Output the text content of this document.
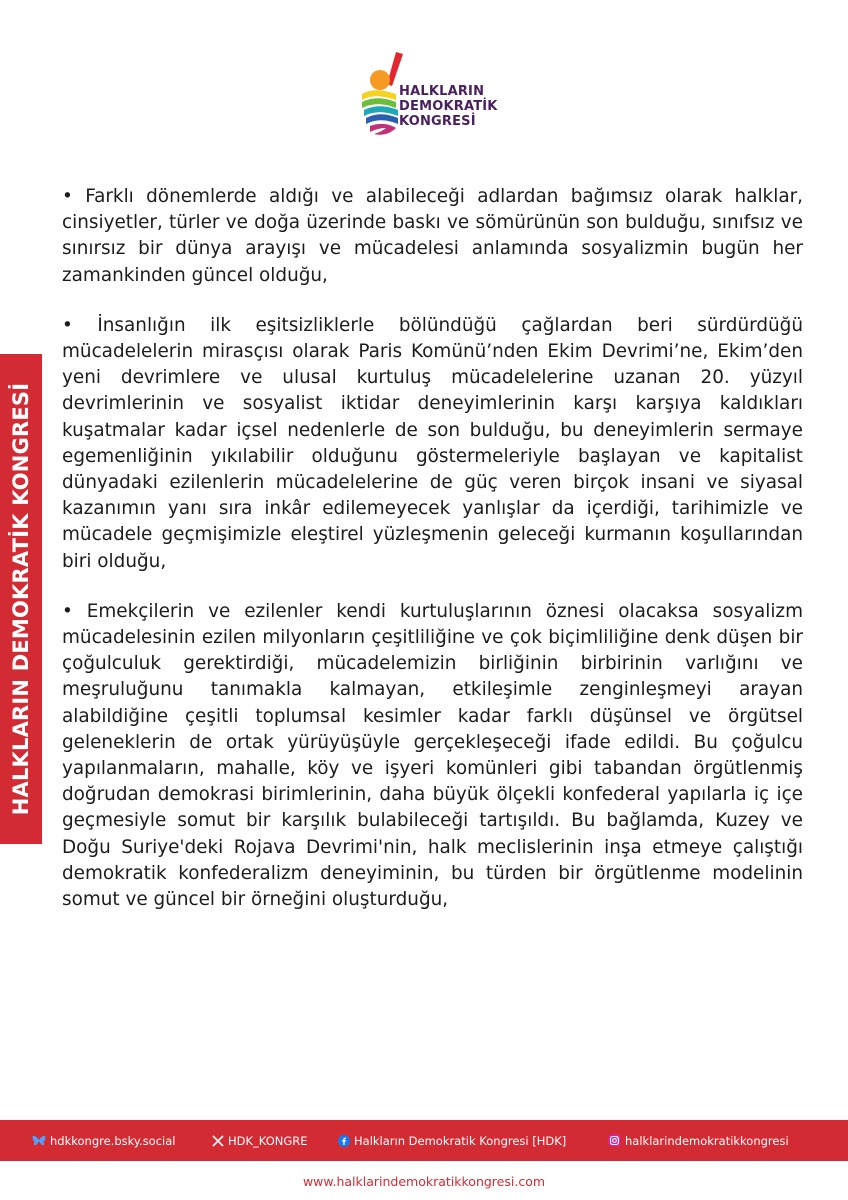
HALKLARIN
DEMOKRATİK
KONGRESİ
HALKLARIN DEMOKRATİK KONGRESİ

• Farklı dönemlerde aldığı ve alabileceği adlardan bağımsız olarak halklar, cinsiyetler, türler ve doğa üzerinde baskı ve sömürünün son bulduğu, sınıfsız ve sınırsız bir dünya arayışı ve mücadelesi anlamında sosyalizmin bugün her zamankinden güncel olduğu,

• İnsanlığın ilk eşitsizliklerle bölündüğü çağlardan beri sürdürdüğü mücadelelerin mirasçısı olarak Paris Komünü’nden Ekim Devrimi’ne, Ekim’den yeni devrimlere ve ulusal kurtuluş mücadelelerine uzanan 20. yüzyıl devrimlerinin ve sosyalist iktidar deneyimlerinin karşı karşıya kaldıkları kuşatmalar kadar içsel nedenlerle de son bulduğu, bu deneyimlerin sermaye egemenliğinin yıkılabilir olduğunu göstermeleriyle başlayan ve kapitalist dünyadaki ezilenlerin mücadelelerine de güç veren birçok insani ve siyasal kazanımın yanı sıra inkâr edilemeyecek yanlışlar da içerdiği, tarihimizle ve mücadele geçmişimizle eleştirel yüzleşmenin geleceği kurmanın koşullarından biri olduğu,

• Emekçilerin ve ezilenler kendi kurtuluşlarının öznesi olacaksa sosyalizm mücadelesinin ezilen milyonların çeşitliliğine ve çok biçimliliğine denk düşen bir çoğulculuk gerektirdiği, mücadelemizin birliğinin birbirinin varlığını ve meşruluğunu tanımakla kalmayan, etkileşimle zenginleşmeyi arayan alabildiğine çeşitli toplumsal kesimler kadar farklı düşünsel ve örgütsel geleneklerin de ortak yürüyüşüyle gerçekleşeceği ifade edildi. Bu çoğulcu yapılanmaların, mahalle, köy ve işyeri komünleri gibi tabandan örgütlenmiş doğrudan demokrasi birimlerinin, daha büyük ölçekli konfederal yapılarla iç içe geçmesiyle somut bir karşılık bulabileceği tartışıldı. Bu bağlamda, Kuzey ve Doğu Suriye'deki Rojava Devrimi'nin, halk meclislerinin inşa etmeye çalıştığı demokratik konfederalizm deneyiminin, bu türden bir örgütlenme modelinin somut ve güncel bir örneğini oluşturduğu,

hdkkongre.bsky.social	HDK_KONGRE	Halkların Demokratik Kongresi [HDK]	halklarindemokratikkongresi
www.halklarindemokratikkongresi.com
